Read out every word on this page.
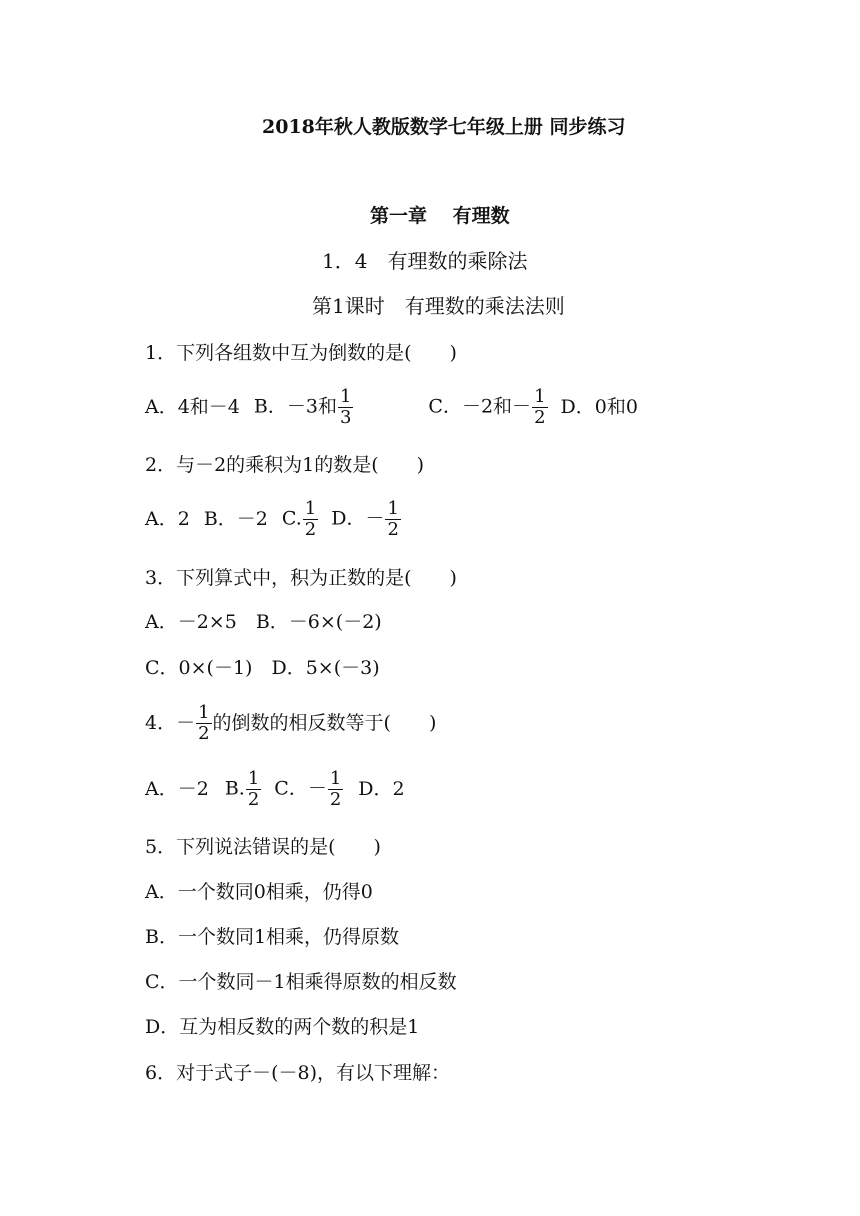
2018年秋人教版数学七年级上册 同步练习
第一章　 有理数
1．4　有理数的乘除法
第1课时　有理数的乘法法则
1．下列各组数中互为倒数的是(　　)
A．4和－4 B．－3和 $\frac{1}{3}$	C．－2和－ $\frac{1}{2}$ D．0和0
2．与－2的乘积为1的数是(　　)
A．2 B．－2 C. $\frac{1}{2}$ D．－ $\frac{1}{2}$
3．下列算式中，积为正数的是(　　)
A．－2×5　B．－6×(－2)
C．0×(－1)　D．5×(－3)
4．－ $\frac{1}{2}$ 的倒数的相反数等于(　　)
A．－2 B. $\frac{1}{2}$ C．－ $\frac{1}{2}$ D．2
5．下列说法错误的是(　　)
A．一个数同0相乘，仍得0
B．一个数同1相乘，仍得原数
C．一个数同－1相乘得原数的相反数
D．互为相反数的两个数的积是1
6．对于式子－(－8)，有以下理解：
